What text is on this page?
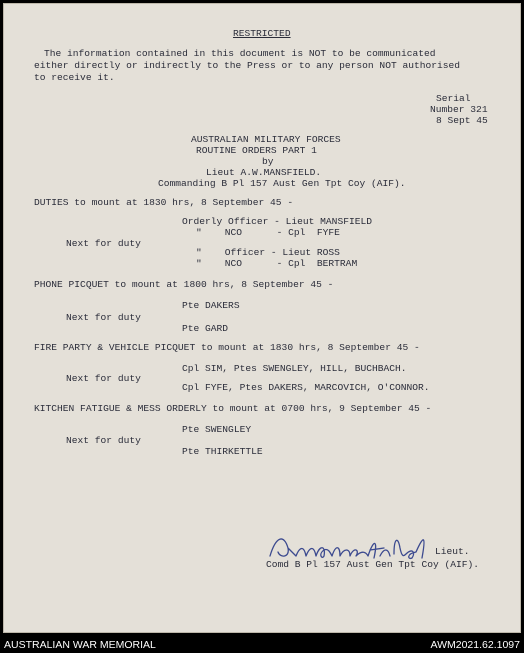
RESTRICTED
The information contained in this document is NOT to be communicated
either directly or indirectly to the Press or to any person NOT authorised
to receive it.
Serial
Number 321
8 Sept 45
AUSTRALIAN MILITARY FORCES
ROUTINE ORDERS PART 1
by
Lieut A.W.MANSFIELD.
Commanding B Pl 157 Aust Gen Tpt Coy (AIF).
DUTIES to mount at 1830 hrs, 8 September 45 -
Orderly Officer - Lieut MANSFIELD
"    NCO      - Cpl  FYFE
Next for duty
"    Officer - Lieut ROSS
"    NCO      - Cpl  BERTRAM
PHONE PICQUET to mount at 1800 hrs, 8 September 45 -
Pte DAKERS
Next for duty
Pte GARD
FIRE PARTY & VEHICLE PICQUET to mount at 1830 hrs, 8 September 45 -
Cpl SIM, Ptes SWENGLEY, HILL, BUCHBACH.
Next for duty
Cpl FYFE, Ptes DAKERS, MARCOVICH, O'CONNOR.
KITCHEN FATIGUE & MESS ORDERLY to mount at 0700 hrs, 9 September 45 -
Pte SWENGLEY
Next for duty
Pte THIRKETTLE
Lieut.
Comd B Pl 157 Aust Gen Tpt Coy (AIF).
AUSTRALIAN WAR MEMORIAL	AWM2021.62.1097
